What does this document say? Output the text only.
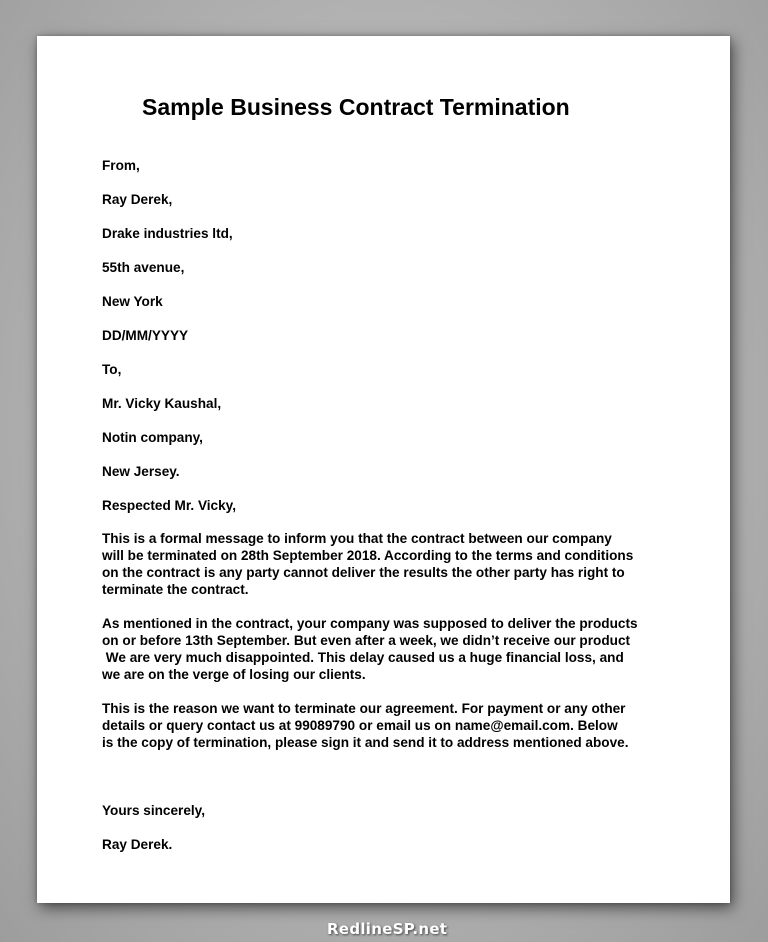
Sample Business Contract Termination

From,

Ray Derek,

Drake industries ltd,

55th avenue,

New York

DD/MM/YYYY

To,

Mr. Vicky Kaushal,

Notin company,

New Jersey.

Respected Mr. Vicky,

This is a formal message to inform you that the contract between our company
will be terminated on 28th September 2018. According to the terms and conditions
on the contract is any party cannot deliver the results the other party has right to
terminate the contract.
As mentioned in the contract, your company was supposed to deliver the products
on or before 13th September. But even after a week, we didn’t receive our product
We are very much disappointed. This delay caused us a huge financial loss, and
we are on the verge of losing our clients.
This is the reason we want to terminate our agreement. For payment or any other
details or query contact us at 99089790 or email us on name@email.com. Below
is the copy of termination, please sign it and send it to address mentioned above.

Yours sincerely,

Ray Derek.

RedlineSP.net
